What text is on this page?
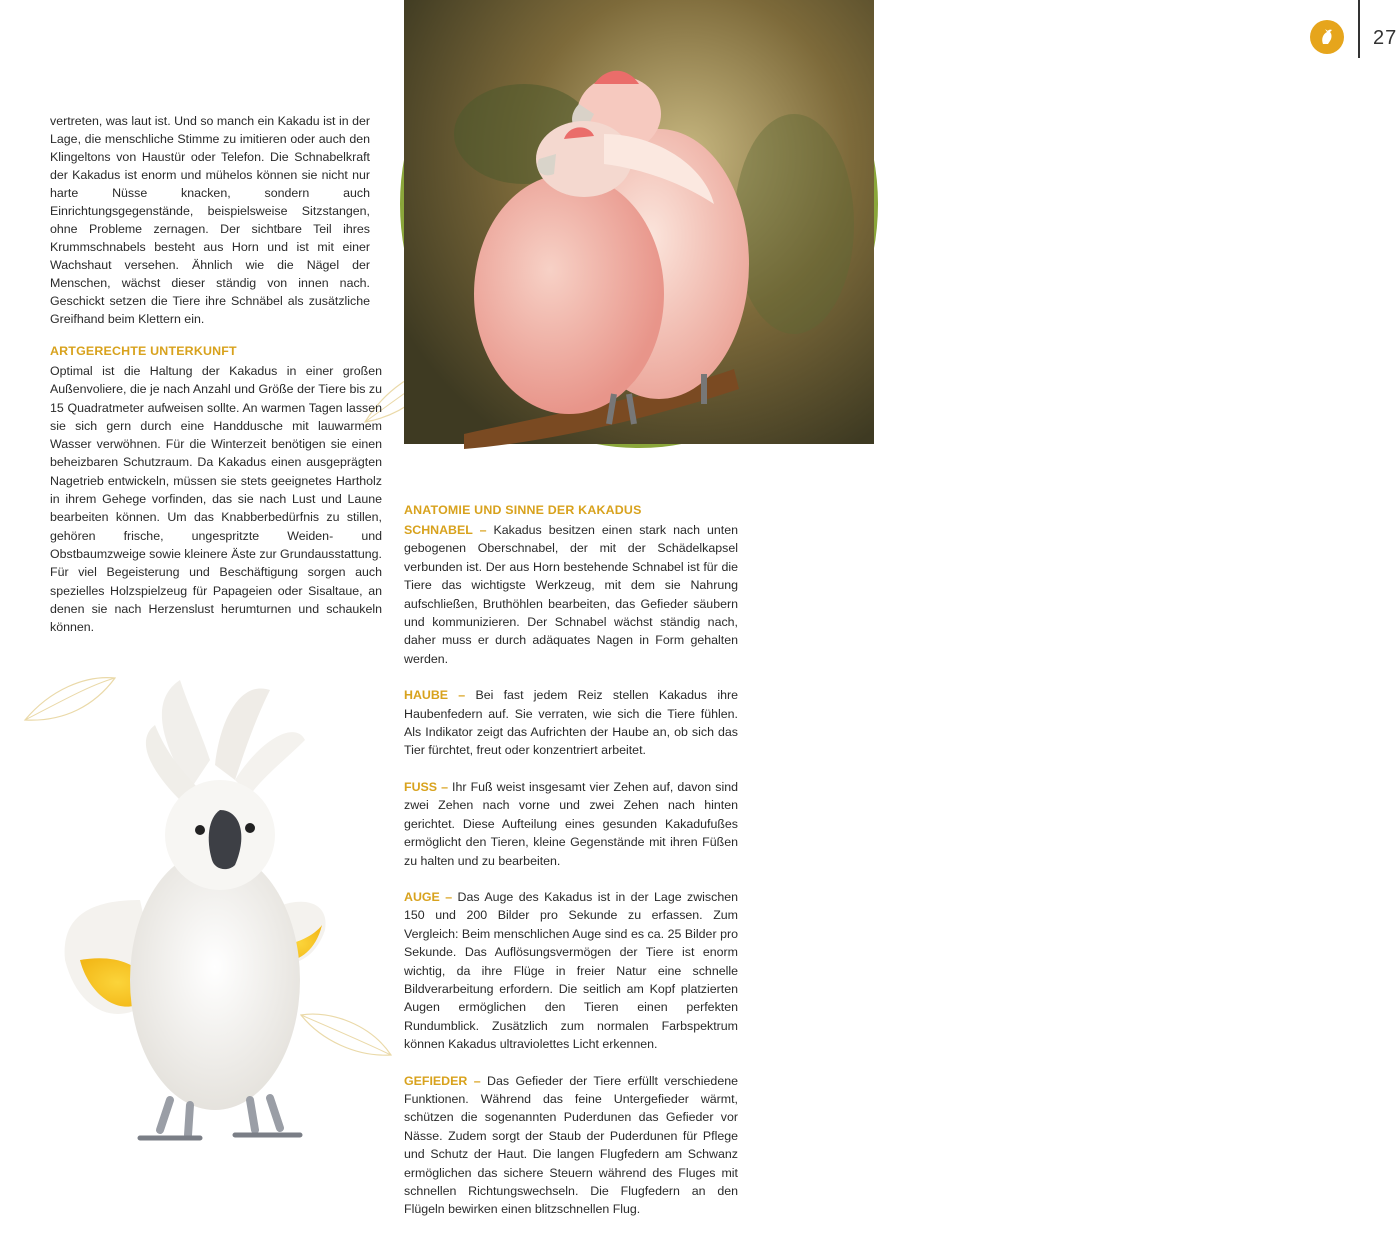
27

vertreten, was laut ist. Und so manch ein Kakadu ist in der Lage, die menschliche Stimme zu imitieren oder auch den Klingeltons von Haustür oder Telefon. Die Schnabelkraft der Kakadus ist enorm und mühelos können sie nicht nur harte Nüsse knacken, sondern auch Einrichtungsgegenstände, beispielsweise Sitzstangen, ohne Probleme zernagen. Der sichtbare Teil ihres Krummschnabels besteht aus Horn und ist mit einer Wachshaut versehen. Ähnlich wie die Nägel der Menschen, wächst dieser ständig von innen nach. Geschickt setzen die Tiere ihre Schnäbel als zusätzliche Greifhand beim Klettern ein.

ARTGERECHTE UNTERKUNFT

Optimal ist die Haltung der Kakadus in einer großen Außenvoliere, die je nach Anzahl und Größe der Tiere bis zu 15 Quadratmeter aufweisen sollte. An warmen Tagen lassen sie sich gern durch eine Handdusche mit lauwarmem Wasser verwöhnen. Für die Winterzeit benötigen sie einen beheizbaren Schutzraum. Da Kakadus einen ausgeprägten Nagetrieb entwickeln, müssen sie stets geeignetes Hartholz in ihrem Gehege vorfinden, das sie nach Lust und Laune bearbeiten können. Um das Knabberbedürfnis zu stillen, gehören frische, ungespritzte Weiden- und Obstbaumzweige sowie kleinere Äste zur Grundausstattung. Für viel Begeisterung und Beschäftigung sorgen auch spezielles Holzspielzeug für Papageien oder Sisaltaue, an denen sie nach Herzenslust herumturnen und schaukeln können.

ANATOMIE UND SINNE DER KAKADUS

SCHNABEL – Kakadus besitzen einen stark nach unten gebogenen Oberschnabel, der mit der Schädelkapsel verbunden ist. Der aus Horn bestehende Schnabel ist für die Tiere das wichtigste Werkzeug, mit dem sie Nahrung aufschließen, Bruthöhlen bearbeiten, das Gefieder säubern und kommunizieren. Der Schnabel wächst ständig nach, daher muss er durch adäquates Nagen in Form gehalten werden.

HAUBE – Bei fast jedem Reiz stellen Kakadus ihre Haubenfedern auf. Sie verraten, wie sich die Tiere fühlen. Als Indikator zeigt das Aufrichten der Haube an, ob sich das Tier fürchtet, freut oder konzentriert arbeitet.

FUSS – Ihr Fuß weist insgesamt vier Zehen auf, davon sind zwei Zehen nach vorne und zwei Zehen nach hinten gerichtet. Diese Aufteilung eines gesunden Kakadufußes ermöglicht den Tieren, kleine Gegenstände mit ihren Füßen zu halten und zu bearbeiten.

AUGE – Das Auge des Kakadus ist in der Lage zwischen 150 und 200 Bilder pro Sekunde zu erfassen. Zum Vergleich: Beim menschlichen Auge sind es ca. 25 Bilder pro Sekunde. Das Auflösungsvermögen der Tiere ist enorm wichtig, da ihre Flüge in freier Natur eine schnelle Bildverarbeitung erfordern. Die seitlich am Kopf platzierten Augen ermöglichen den Tieren einen perfekten Rundumblick. Zusätzlich zum normalen Farbspektrum können Kakadus ultraviolettes Licht erkennen.

GEFIEDER – Das Gefieder der Tiere erfüllt verschiedene Funktionen. Während das feine Untergefieder wärmt, schützen die sogenannten Puderdunen das Gefieder vor Nässe. Zudem sorgt der Staub der Puderdunen für Pflege und Schutz der Haut. Die langen Flugfedern am Schwanz ermöglichen das sichere Steuern während des Fluges mit schnellen Richtungswechseln. Die Flugfedern an den Flügeln bewirken einen blitzschnellen Flug.
